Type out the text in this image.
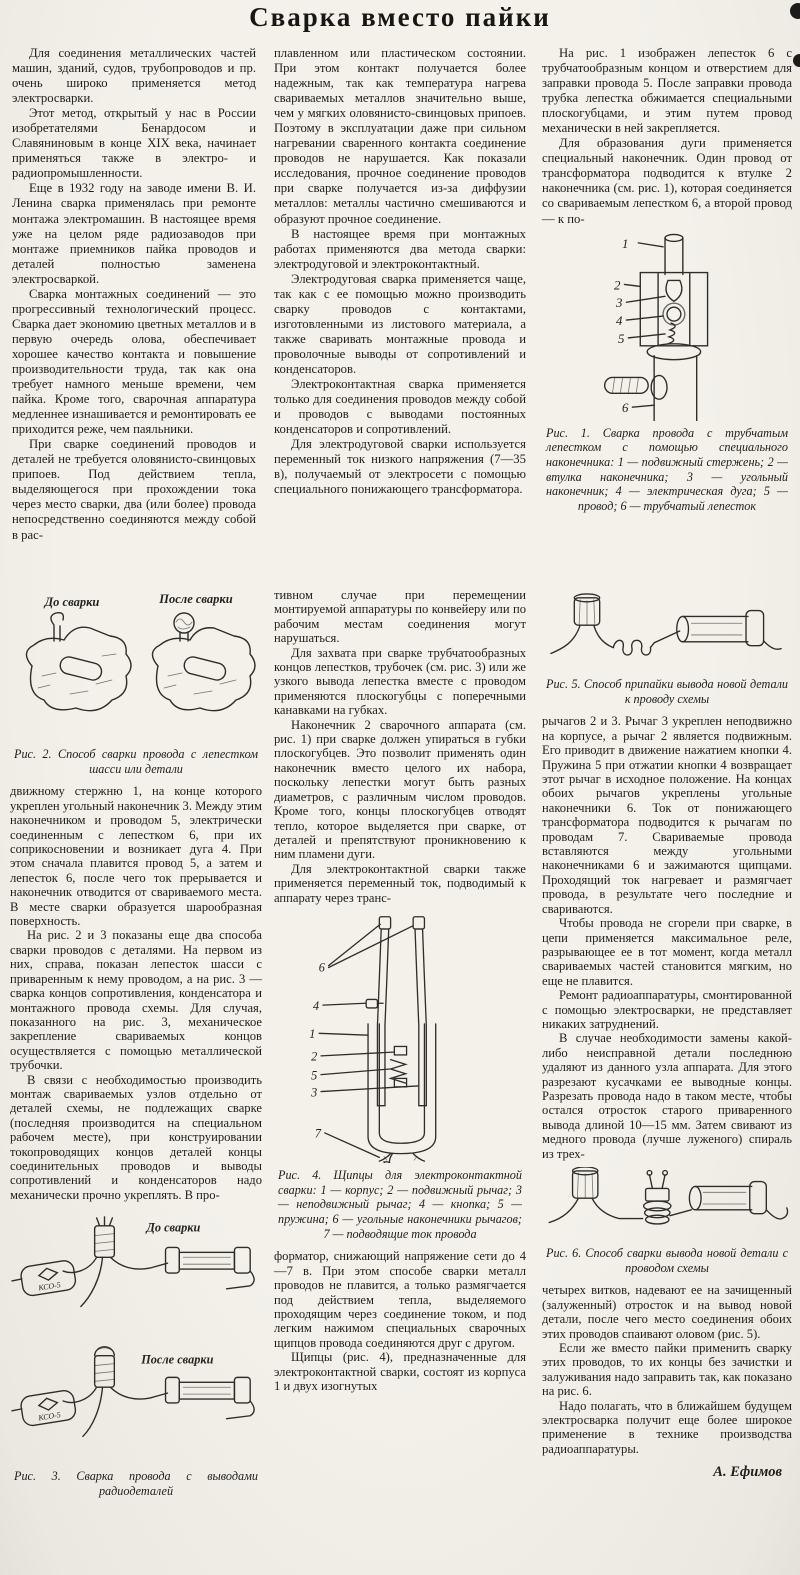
Сварка вместо пайки

Для соединения металлических частей машин, зданий, судов, трубопроводов и пр. очень широко применяется метод электросварки.

Этот метод, открытый у нас в России изобретателями Бенардосом и Славяниновым в конце XIX века, начинает применяться также в электро- и радиопромышленности.

Еще в 1932 году на заводе имени В. И. Ленина сварка применялась при ремонте монтажа электромашин. В настоящее время уже на целом ряде радиозаводов при монтаже приемников пайка проводов и деталей полностью заменена электросваркой.

Сварка монтажных соединений — это прогрессивный технологический процесс. Сварка дает экономию цветных металлов и в первую очередь олова, обеспечивает хорошее качество контакта и повышение производительности труда, так как она требует намного меньше времени, чем пайка. Кроме того, сварочная аппаратура медленнее изнашивается и ремонтировать ее приходится реже, чем паяльники.

При сварке соединений проводов и деталей не требуется оловянисто-свинцовых припоев. Под действием тепла, выделяющегося при прохождении тока через место сварки, два (или более) провода непосредственно соединяются между собой в рас-

плавленном или пластическом состоянии. При этом контакт получается более надежным, так как температура нагрева свариваемых металлов значительно выше, чем у мягких оловянисто-свинцовых припоев. Поэтому в эксплуатации даже при сильном нагревании сваренного контакта соединение проводов не нарушается. Как показали исследования, прочное соединение проводов при сварке получается из-за диффузии металлов: металлы частично смешиваются и образуют прочное соединение.

В настоящее время при монтажных работах применяются два метода сварки: электродуговой и электроконтактный.

Электродуговая сварка применяется чаще, так как с ее помощью можно производить сварку проводов с контактами, изготовленными из листового материала, а также сваривать монтажные провода и проволочные выводы от сопротивлений и конденсаторов.

Электроконтактная сварка применяется только для соединения проводов между собой и проводов с выводами постоянных конденсаторов и сопротивлений.

Для электродуговой сварки используется переменный ток низкого напряжения (7—35 в), получаемый от электросети с помощью специального понижающего трансформатора.

На рис. 1 изображен лепесток 6 с трубчатообразным концом и отверстием для заправки провода 5. После заправки провода трубка лепестка обжимается специальными плоскогубцами, и этим путем провод механически в ней закрепляется.

Для образования дуги применяется специальный наконечник. Один провод от трансформатора подводится к втулке 2 наконечника (см. рис. 1), которая соединяется со свариваемым лепестком 6, а второй провод — к по-

1
2
3
4
5
6
Рис. 1. Сварка провода с трубчатым лепестком с помощью специального наконечника: 1 — подвижный стержень; 2 — втулка наконечника; 3 — угольный наконечник; 4 — электрическая дуга; 5 — провод; 6 — трубчатый лепесток
До сварки	После сварки
Рис. 2. Способ сварки провода с лепестком шасси или детали

движному стержню 1, на конце которого укреплен угольный наконечник 3. Между этим наконечником и проводом 5, электрически соединенным с лепестком 6, при их соприкосновении и возникает дуга 4. При этом сначала плавится провод 5, а затем и лепесток 6, после чего ток прерывается и наконечник отводится от свариваемого места. В месте сварки образуется шарообразная поверхность.

На рис. 2 и 3 показаны еще два способа сварки проводов с деталями. На первом из них, справа, показан лепесток шасси с приваренным к нему проводом, а на рис. 3 — сварка концов сопротивления, конденсатора и монтажного провода схемы. Для случая, показанного на рис. 3, механическое закрепление свариваемых концов осуществляется с помощью металлической трубочки.

В связи с необходимостью производить монтаж свариваемых узлов отдельно от деталей схемы, не подлежащих сварке (последняя производится на специальном рабочем месте), при конструировании токопроводящих концов деталей концы соединительных проводов и выводы сопротивлений и конденсаторов надо механически прочно укреплять. В про-

До сварки
КСО-5
После сварки
КСО-5
Рис. 3. Сварка провода с выводами радиодеталей

тивном случае при перемещении монтируемой аппаратуры по конвейеру или по рабочим местам соединения могут нарушаться.

Для захвата при сварке трубчатообразных концов лепестков, трубочек (см. рис. 3) или же узкого вывода лепестка вместе с проводом применяются плоскогубцы с поперечными канавками на губках.

Наконечник 2 сварочного аппарата (см. рис. 1) при сварке должен упираться в губки плоскогубцев. Это позволит применять один наконечник вместо целого их набора, поскольку лепестки могут быть разных диаметров, с различным числом проводов. Кроме того, концы плоскогубцев отводят тепло, которое выделяется при сварке, от деталей и препятствуют проникновению к ним пламени дуги.

Для электроконтактной сварки также применяется переменный ток, подводимый к аппарату через транс-

6
4
1
2
5
3
7
Рис. 4. Щипцы для электроконтактной сварки: 1 — корпус; 2 — подвижный рычаг; 3 — неподвижный рычаг; 4 — кнопка; 5 — пружина; 6 — угольные наконечники рычагов; 7 — подводящие ток провода

форматор, снижающий напряжение сети до 4—7 в. При этом способе сварки металл проводов не плавится, а только размягчается под действием тепла, выделяемого проходящим через соединение током, и под легким нажимом специальных сварочных щипцов провода соединяются друг с другом.

Щипцы (рис. 4), предназначенные для электроконтактной сварки, состоят из корпуса 1 и двух изогнутых

Рис. 5. Способ припайки вывода новой детали к проводу схемы

рычагов 2 и 3. Рычаг 3 укреплен неподвижно на корпусе, а рычаг 2 является подвижным. Его приводит в движение нажатием кнопки 4. Пружина 5 при отжатии кнопки 4 возвращает этот рычаг в исходное положение. На концах обоих рычагов укреплены угольные наконечники 6. Ток от понижающего трансформатора подводится к рычагам по проводам 7. Свариваемые провода вставляются между угольными наконечниками 6 и зажимаются щипцами. Проходящий ток нагревает и размягчает провода, в результате чего последние и свариваются.

Чтобы провода не сгорели при сварке, в цепи применяется максимальное реле, разрывающее ее в тот момент, когда металл свариваемых частей становится мягким, но еще не плавится.

Ремонт радиоаппаратуры, смонтированной с помощью электросварки, не представляет никаких затруднений.

В случае необходимости замены какой-либо неисправной детали последнюю удаляют из данного узла аппарата. Для этого разрезают кусачками ее выводные концы. Разрезать провода надо в таком месте, чтобы остался отросток старого приваренного вывода длиной 10—15 мм. Затем свивают из медного провода (лучше луженого) спираль из трех-

Рис. 6. Способ сварки вывода новой детали с проводом схемы

четырех витков, надевают ее на зачищенный (залуженный) отросток и на вывод новой детали, после чего место соединения обоих этих проводов спаивают оловом (рис. 5).

Если же вместо пайки применить сварку этих проводов, то их концы без зачистки и залуживания надо заправить так, как показано на рис. 6.

Надо полагать, что в ближайшем будущем электросварка получит еще более широкое применение в технике производства радиоаппаратуры.

А. Ефимов
